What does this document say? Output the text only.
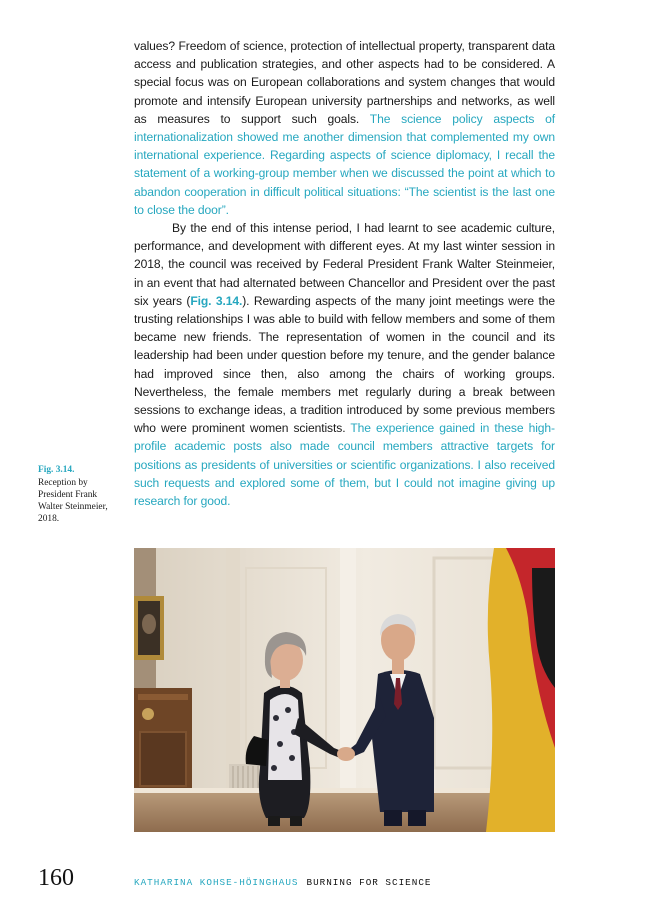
values? Freedom of science, protection of intellectual property, transparent data access and publication strategies, and other aspects had to be considered. A special focus was on European collaborations and system changes that would promote and intensify European university partnerships and networks, as well as measures to support such goals. The science policy aspects of internationalization showed me another dimension that complemented my own international experience. Regarding aspects of science diplomacy, I recall the statement of a working-group member when we discussed the point at which to abandon cooperation in difficult political situations: “The scientist is the last one to close the door”.

By the end of this intense period, I had learnt to see academic culture, performance, and development with different eyes. At my last winter session in 2018, the council was received by Federal President Frank Walter Steinmeier, in an event that had alternated between Chancellor and President over the past six years (Fig. 3.14.). Rewarding aspects of the many joint meetings were the trusting relationships I was able to build with fellow members and some of them became new friends. The representation of women in the council and its leadership had been under question before my tenure, and the gender balance had improved since then, also among the chairs of working groups. Nevertheless, the female members met regularly during a break between sessions to exchange ideas, a tradition introduced by some previous members who were prominent women scientists. The experience gained in these high-profile academic posts also made council members attractive targets for positions as presidents of universities or scientific organizations. I also received such requests and explored some of them, but I could not imagine giving up research for good.

Fig. 3.14.
Reception by President Frank Walter Steinmeier, 2018.
160	KATHARINA KOHSE-HÖINGHAUS BURNING FOR SCIENCE
